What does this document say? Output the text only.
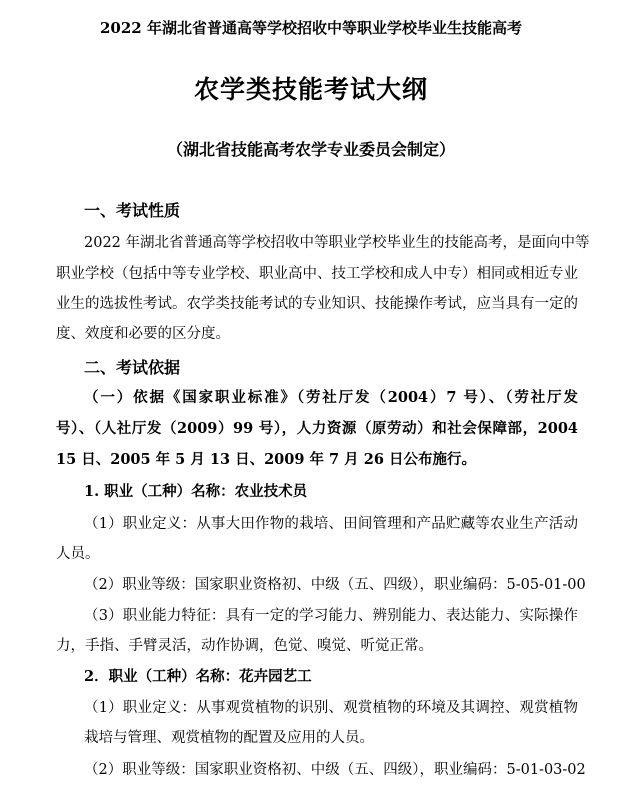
2022 年湖北省普通高等学校招收中等职业学校毕业生技能高考

农学类技能考试大纲

（湖北省技能高考农学专业委员会制定）

一、考试性质

2022 年湖北省普通高等学校招收中等职业学校毕业生的技能高考，是面向中等

职业学校（包括中等专业学校、职业高中、技工学校和成人中专）相同或相近专业

业生的选拔性考试。农学类技能考试的专业知识、技能操作考试，应当具有一定的

度、效度和必要的区分度。

二、考试依据

（一）依据《国家职业标准》（劳社厅发（2004）7 号）、（劳社厅发

号）、（人社厅发（2009）99 号），人力资源（原劳动）和社会保障部，2004

15 日、2005 年 5 月 13 日、2009 年 7 月 26 日公布施行。

1. 职业（工种）名称：农业技术员

（1）职业定义：从事大田作物的栽培、田间管理和产品贮藏等农业生产活动

人员。

（2）职业等级：国家职业资格初、中级（五、四级），职业编码：5-05-01-00

（3）职业能力特征：具有一定的学习能力、辨别能力、表达能力、实际操作

力，手指、手臂灵活，动作协调，色觉、嗅觉、听觉正常。

2．职业（工种）名称：花卉园艺工

（1）职业定义：从事观赏植物的识别、观赏植物的环境及其调控、观赏植物

栽培与管理、观赏植物的配置及应用的人员。

（2）职业等级：国家职业资格初、中级（五、四级），职业编码：5-01-03-02
